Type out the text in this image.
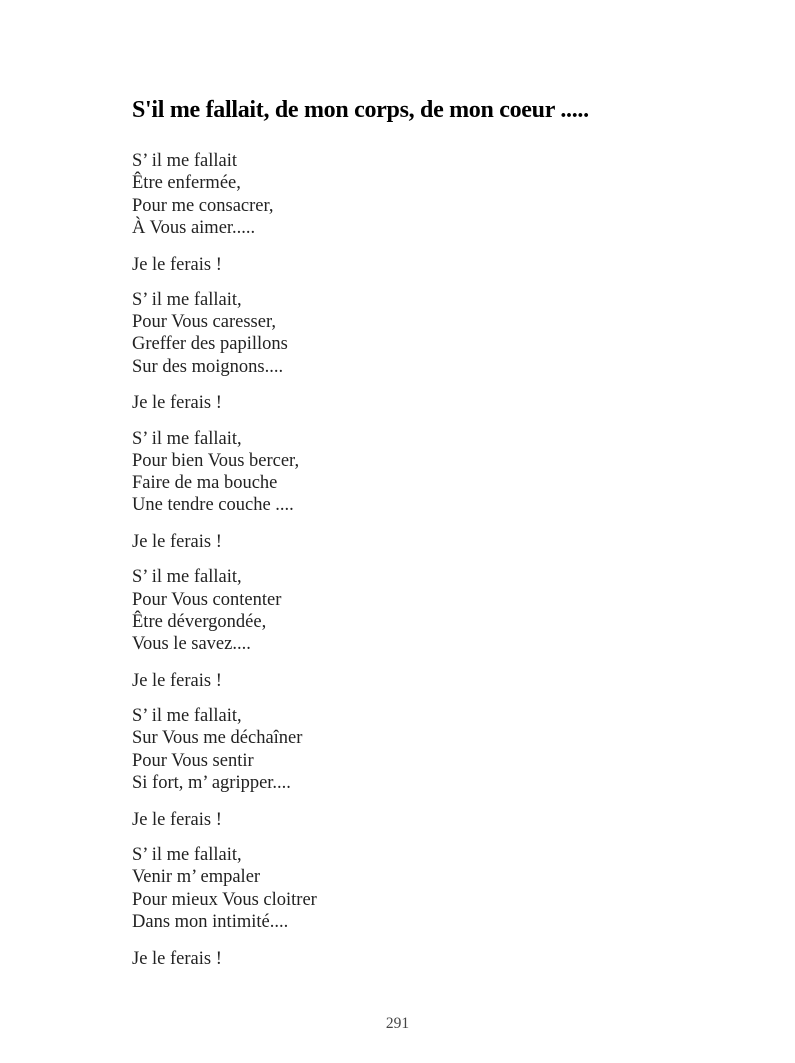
S'il me fallait, de mon corps, de mon coeur .....
S’ il me fallait
Être enfermée,
Pour me consacrer,
À Vous aimer.....

Je le ferais !

S’ il me fallait,
Pour Vous caresser,
Greffer des papillons
Sur des moignons....

Je le ferais !

S’ il me fallait,
Pour bien Vous bercer,
Faire de ma bouche
Une tendre couche ....

Je le ferais !

S’ il me fallait,
Pour Vous contenter
Être dévergondée,
Vous le savez....

Je le ferais !

S’ il me fallait,
Sur Vous me déchaîner
Pour Vous sentir
Si fort, m’ agripper....

Je le ferais !

S’ il me fallait,
Venir m’ empaler
Pour mieux Vous cloitrer
Dans mon intimité....

Je le ferais !

291
